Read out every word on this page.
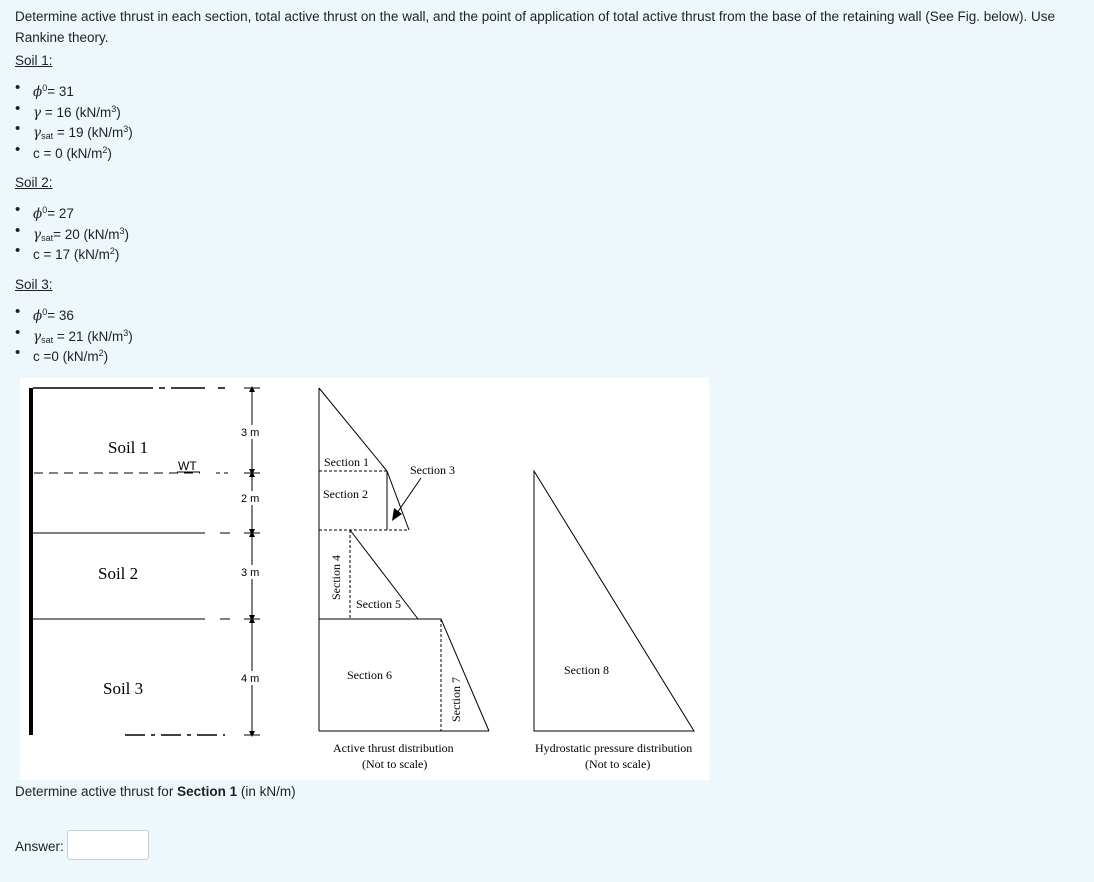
Determine active thrust in each section, total active thrust on the wall, and the point of application of total active thrust from the base of the retaining wall (See Fig. below). Use Rankine theory.
Soil 1:
• $\phi^0= 31$
• γ = 16 $(kN/m^3)$
• $\gamma_{sat} = 19$ $(kN/m^3)$
• c = 0 $(kN/m^2)$
Soil 2:
• $\phi^0= 27$
• $\gamma_{sat}= 20$ $(kN/m^3)$
• c = 17 $(kN/m^2)$
Soil 3:
• $\phi^0= 36$
• $\gamma_{sat} = 21$ $(kN/m^3)$
• c =0 $(kN/m^2)$
Soil 1
Soil 2
Soil 3
WT
3 m
2 m
3 m
4 m
Section 1
Section 2
Section 3
Section 4
Section 5
Section 6
Section 7
Active thrust distribution
(Not to scale)
Section 8
Hydrostatic pressure distribution
(Not to scale)
Determine active thrust for Section 1 (in kN/m)
Answer:
